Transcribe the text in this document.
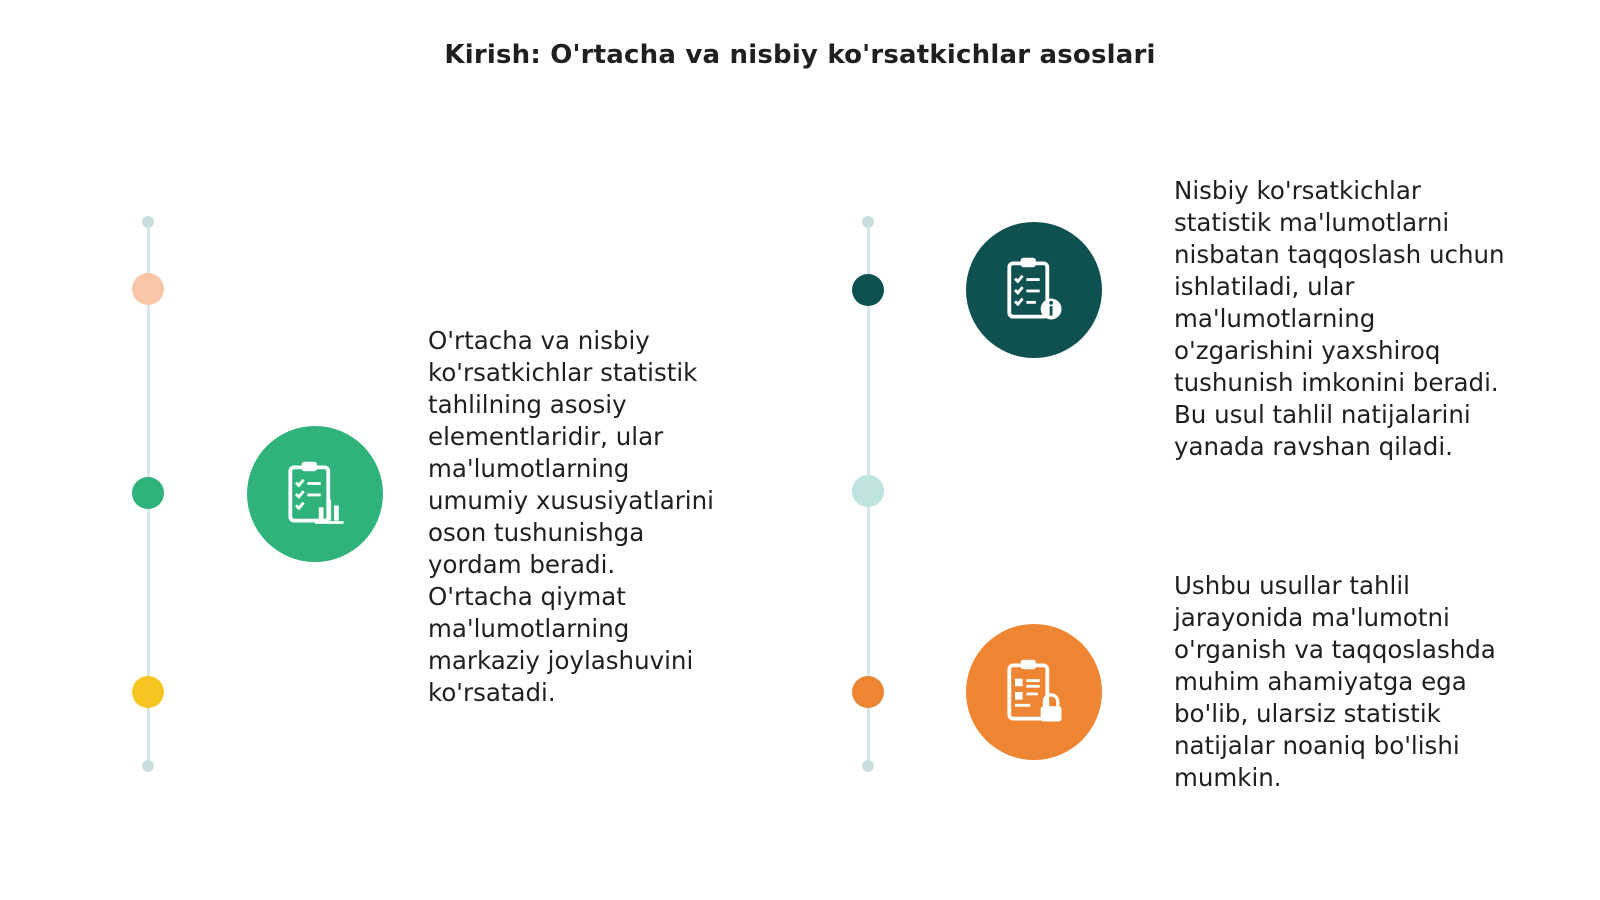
Kirish: O'rtacha va nisbiy ko'rsatkichlar asoslari
O'rtacha va nisbiy
ko'rsatkichlar statistik
tahlilning asosiy
elementlaridir, ular
ma'lumotlarning
umumiy xususiyatlarini
oson tushunishga
yordam beradi.
O'rtacha qiymat
ma'lumotlarning
markaziy joylashuvini
ko'rsatadi.
Nisbiy ko'rsatkichlar
statistik ma'lumotlarni
nisbatan taqqoslash uchun
ishlatiladi, ular
ma'lumotlarning
o'zgarishini yaxshiroq
tushunish imkonini beradi.
Bu usul tahlil natijalarini
yanada ravshan qiladi.
Ushbu usullar tahlil
jarayonida ma'lumotni
o'rganish va taqqoslashda
muhim ahamiyatga ega
bo'lib, ularsiz statistik
natijalar noaniq bo'lishi
mumkin.
